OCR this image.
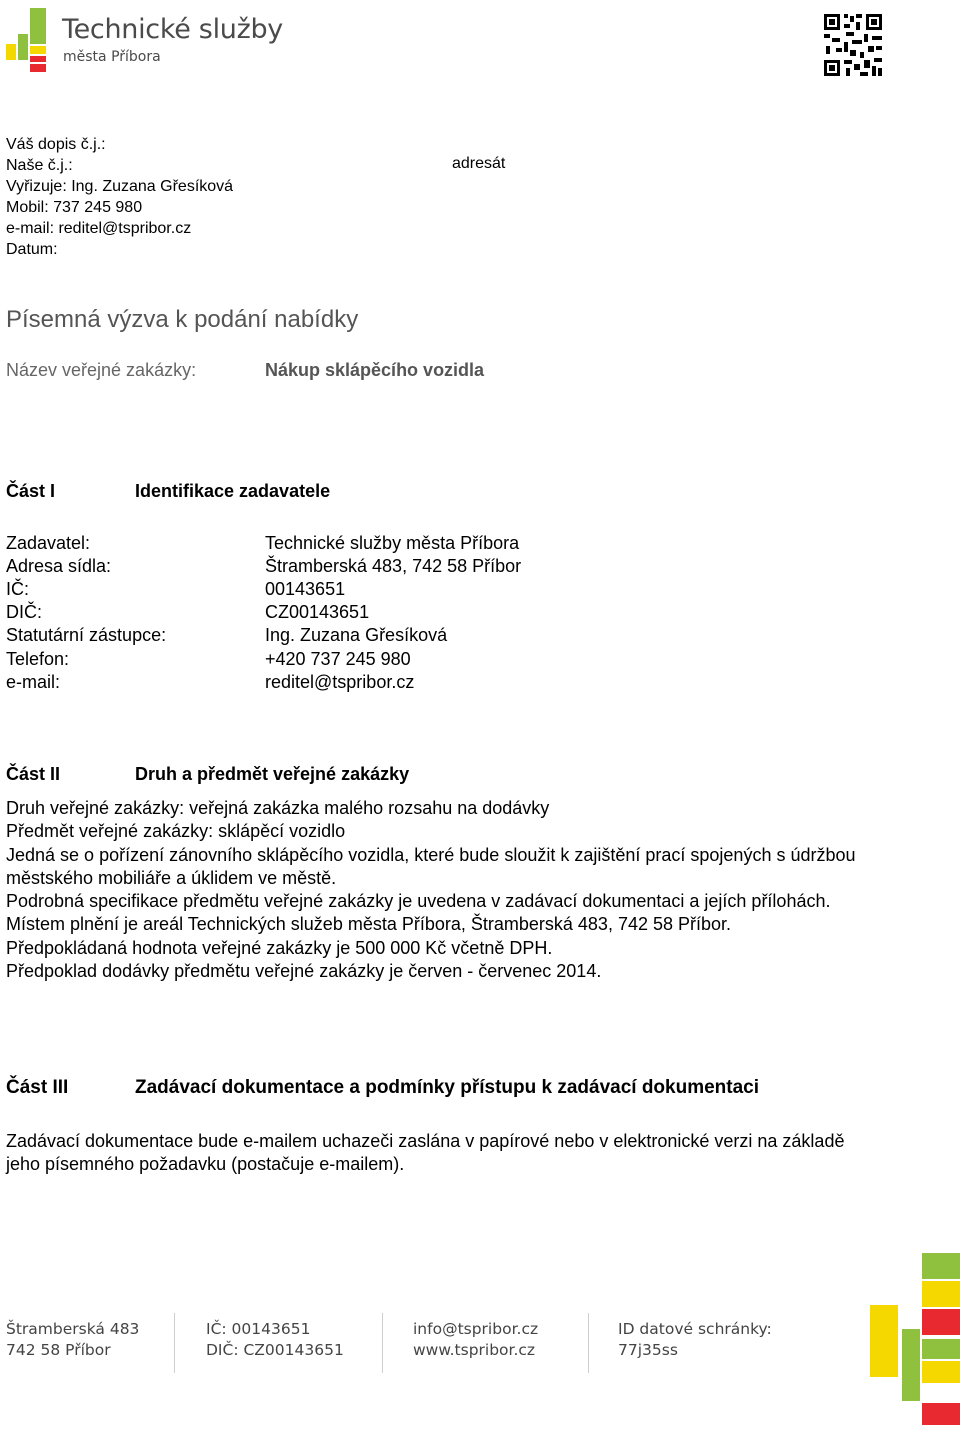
Technické služby
města Příbora
Váš dopis č.j.:
Naše č.j.:
Vyřizuje: Ing. Zuzana Gřesíková
Mobil: 737 245 980
e-mail: reditel@tspribor.cz
Datum:
adresát
Písemná výzva k podání nabídky
Název veřejné zakázky:	Nákup sklápěcího vozidla
Část I	Identifikace zadavatele
Zadavatel:	Technické služby města Příbora
Adresa sídla:	Štramberská 483, 742 58 Příbor
IČ:	00143651
DIČ:	CZ00143651
Statutární zástupce:	Ing. Zuzana Gřesíková
Telefon:	+420 737 245 980
e-mail:	reditel@tspribor.cz
Část II	Druh a předmět veřejné zakázky

Druh veřejné zakázky: veřejná zakázka malého rozsahu na dodávky

Předmět veřejné zakázky: sklápěcí vozidlo

Jedná se o pořízení zánovního sklápěcího vozidla, které bude sloužit k zajištění prací spojených s údržbou městského mobiliáře a úklidem ve městě.

Podrobná specifikace předmětu veřejné zakázky je uvedena v zadávací dokumentaci a jejích přílohách.

Místem plnění je areál Technických služeb města Příbora, Štramberská 483, 742 58 Příbor.

Předpokládaná hodnota veřejné zakázky je 500 000 Kč včetně DPH.

Předpoklad dodávky předmětu veřejné zakázky je červen - červenec 2014.

Část III	Zadávací dokumentace a podmínky přístupu k zadávací dokumentaci

Zadávací dokumentace bude e-mailem uchazeči zaslána v papírové nebo v elektronické verzi na základě jeho písemného požadavku (postačuje e-mailem).

Štramberská 483
742 58 Příbor
IČ: 00143651
DIČ: CZ00143651
info@tspribor.cz
www.tspribor.cz
ID datové schránky:
77j35ss
